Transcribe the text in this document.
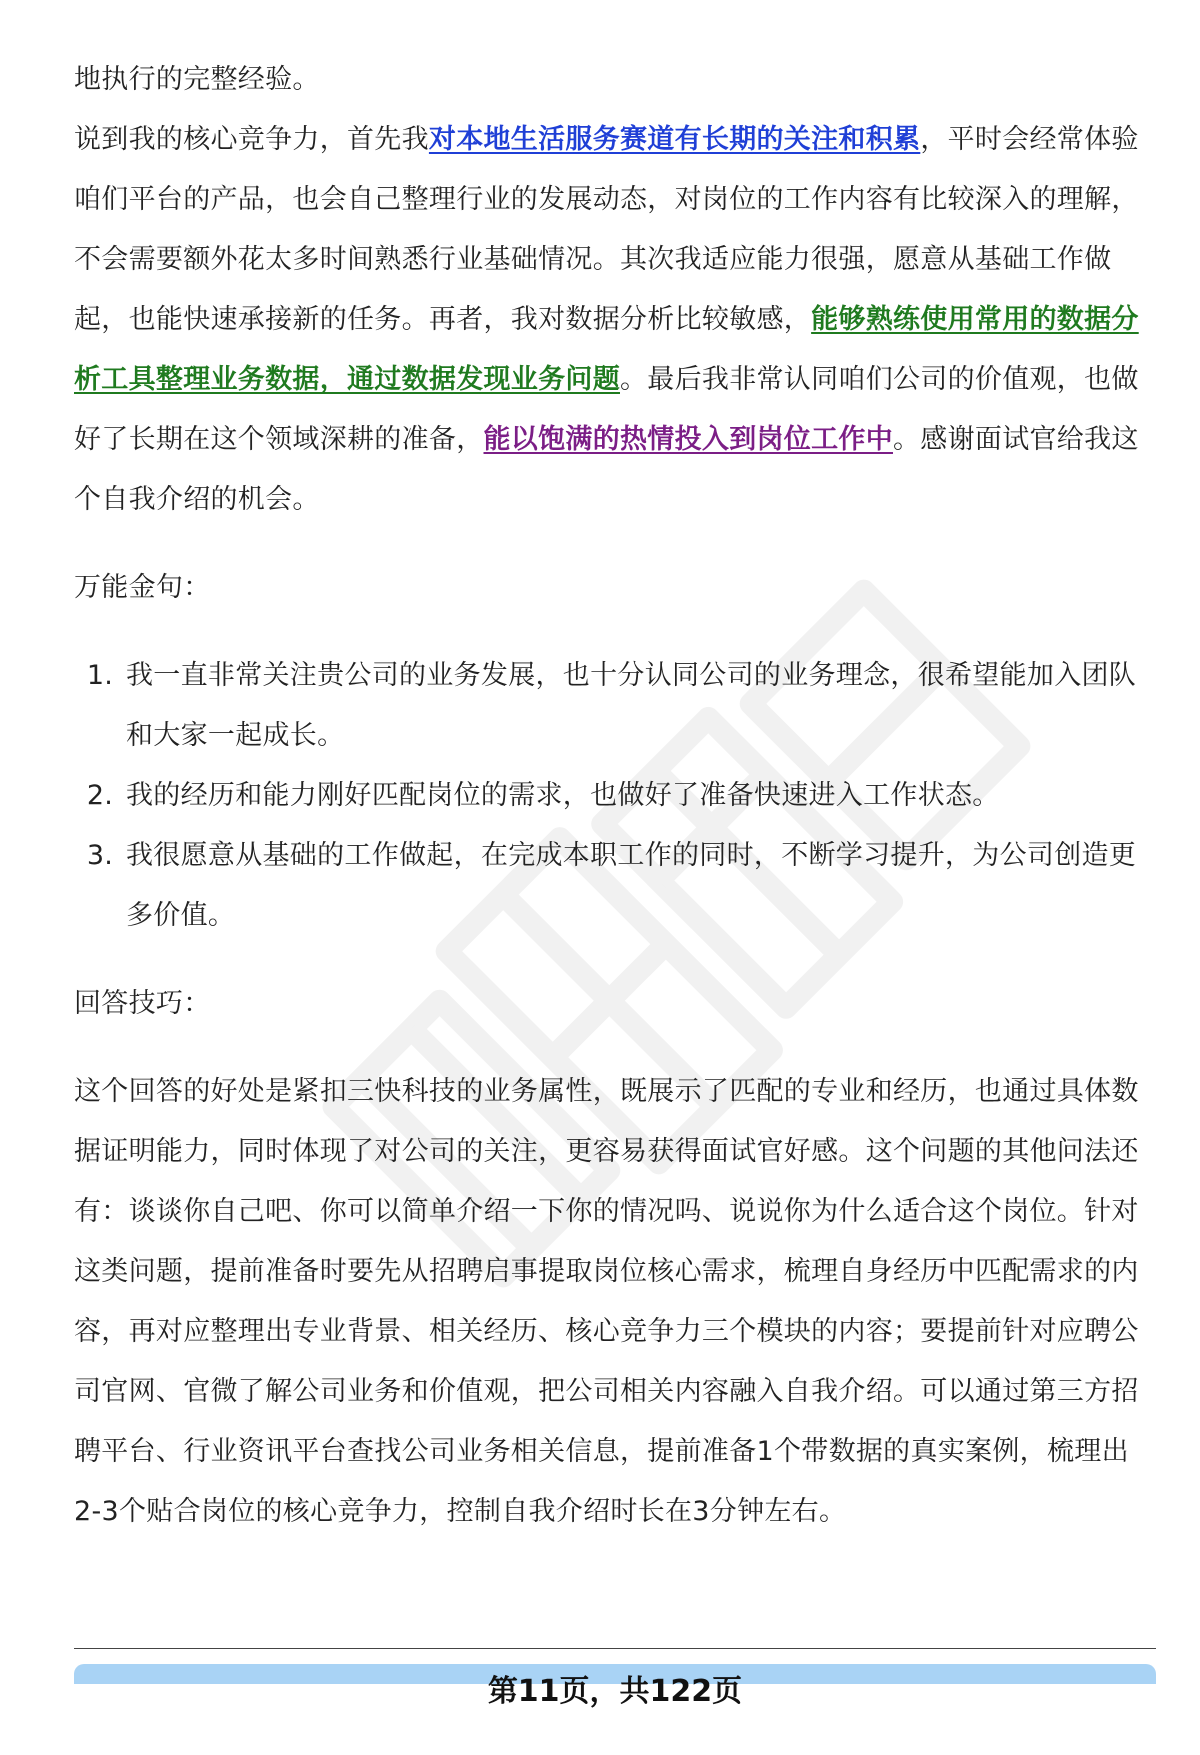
地执行的完整经验。

说到我的核心竞争力，首先我对本地生活服务赛道有长期的关注和积累，平时会经常体验咱们平台的产品，也会自己整理行业的发展动态，对岗位的工作内容有比较深入的理解，不会需要额外花太多时间熟悉行业基础情况。其次我适应能力很强，愿意从基础工作做起，也能快速承接新的任务。再者，我对数据分析比较敏感，能够熟练使用常用的数据分析工具整理业务数据，通过数据发现业务问题。最后我非常认同咱们公司的价值观，也做好了长期在这个领域深耕的准备，能以饱满的热情投入到岗位工作中。感谢面试官给我这个自我介绍的机会。

万能金句：

1. 我一直非常关注贵公司的业务发展，也十分认同公司的业务理念，很希望能加入团队和大家一起成长。
2. 我的经历和能力刚好匹配岗位的需求，也做好了准备快速进入工作状态。
3. 我很愿意从基础的工作做起，在完成本职工作的同时，不断学习提升，为公司创造更多价值。

回答技巧：

这个回答的好处是紧扣三快科技的业务属性，既展示了匹配的专业和经历，也通过具体数据证明能力，同时体现了对公司的关注，更容易获得面试官好感。这个问题的其他问法还有：谈谈你自己吧、你可以简单介绍一下你的情况吗、说说你为什么适合这个岗位。针对这类问题，提前准备时要先从招聘启事提取岗位核心需求，梳理自身经历中匹配需求的内容，再对应整理出专业背景、相关经历、核心竞争力三个模块的内容；要提前针对应聘公司官网、官微了解公司业务和价值观，把公司相关内容融入自我介绍。可以通过第三方招聘平台、行业资讯平台查找公司业务相关信息，提前准备1个带数据的真实案例，梳理出2-3个贴合岗位的核心竞争力，控制自我介绍时长在3分钟左右。

第11页，共122页
